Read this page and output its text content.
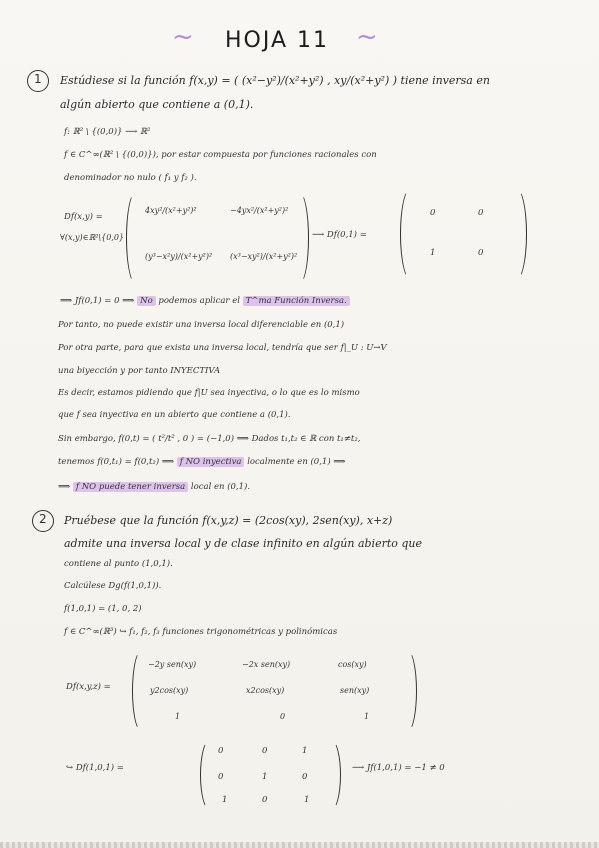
~ HOJA 11 ~
1 Estúdiese si la función f(x,y) = ( (x²−y²)/(x²+y²) , xy/(x²+y²) ) tiene inversa en
algún abierto que contiene a (0,1).
f: ℝ² \ {(0,0)} ⟶ ℝ²
f ∈ C^∞(ℝ² \ {(0,0)}), por estar compuesta por funciones racionales con
denominador no nulo ( f₁ y f₂ ).
Df(x,y) =
∀(x,y)∈ℝ²\{0,0}
4xy²/(x²+y²)²	−4yx²/(x²+y²)²
(y³−x²y)/(x²+y²)² (x³−xy²)/(x²+y²)²
⟶ Df(0,1) =
0	0
1	0
⟹ Jf(0,1) = 0 ⟹ No podemos aplicar el T^ma Función Inversa.
Por tanto, no puede existir una inversa local diferenciable en (0,1)
Por otra parte, para que exista una inversa local, tendría que ser f|_U : U→V
una biyección y por tanto INYECTIVA
Es decir, estamos pidiendo que f|U sea inyectiva, o lo que es lo mismo
que f sea inyectiva en un abierto que contiene a (0,1).
Sin embargo, f(0,t) = ( t²/t² , 0 ) = (−1,0) ⟹ Dados t₁,t₂ ∈ ℝ con t₁≠t₂,
tenemos f(0,t₁) = f(0,t₂) ⟹ f NO inyectiva localmente en (0,1) ⟹
⟹ f NO puede tener inversa local en (0,1).
2 Pruébese que la función f(x,y,z) = (2cos(xy), 2sen(xy), x+z)
admite una inversa local y de clase infinito en algún abierto que
contiene al punto (1,0,1).
Calcúlese Dg(f(1,0,1)).
f(1,0,1) = (1, 0, 2)
f ∈ C^∞(ℝ³) ↪ f₁, f₂, f₃ funciones trigonométricas y polinómicas
Df(x,y,z) =
−2y sen(xy)	−2x sen(xy)	cos(xy)
y2cos(xy)	x2cos(xy)	sen(xy)
1	0	1
↪ Df(1,0,1) =
0	0	1
0	1	0
1	0	1
⟶ Jf(1,0,1) = −1 ≠ 0
